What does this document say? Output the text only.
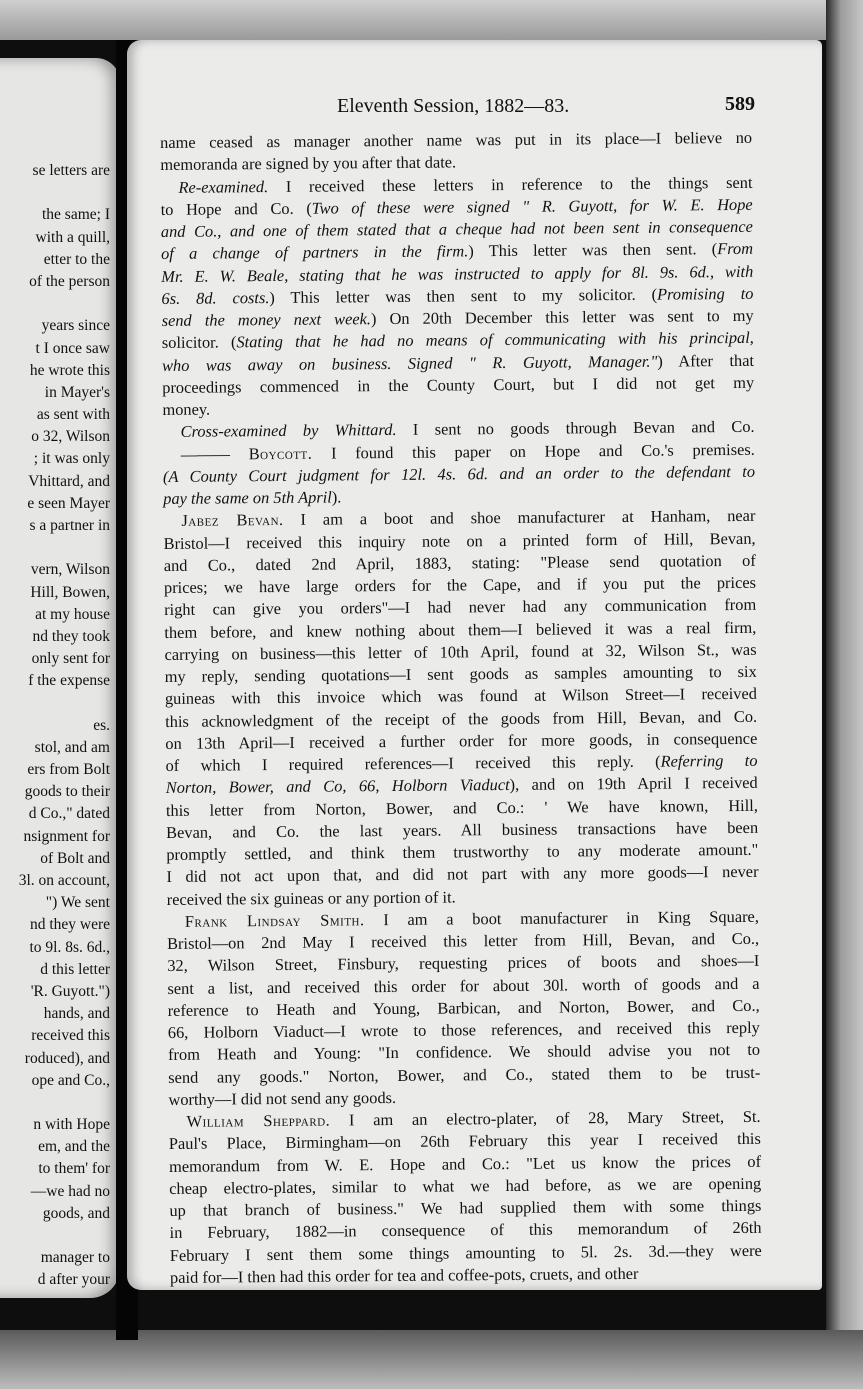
se letters are
the same; I
with a quill,
etter to the
of the person
years since
t I once saw
he wrote this
in Mayer's
as sent with
o 32, Wilson
; it was only
Vhittard, and
e seen Mayer
s a partner in
vern, Wilson
Hill, Bowen,
at my house
nd they took
only sent for
f the expense
es.
stol, and am
ers from Bolt
goods to their
d Co.," dated
nsignment for
of Bolt and
3l. on account,
") We sent
nd they were
to 9l. 8s. 6d.,
d this letter
'R. Guyott.")
hands, and
received this
roduced), and
ope and Co.,
n with Hope
em, and the
to them' for
—we had no
goods, and
manager to
d after your
Eleventh Session, 1882—83.	589
name ceased as manager another name was put in its place—I believe no
memoranda are signed by you after that date.
Re-examined. I received these letters in reference to the things sent
to Hope and Co. (Two of these were signed " R. Guyott, for W. E. Hope
and Co., and one of them stated that a cheque had not been sent in consequence
of a change of partners in the firm.) This letter was then sent. (From
Mr. E. W. Beale, stating that he was instructed to apply for 8l. 9s. 6d., with
6s. 8d. costs.) This letter was then sent to my solicitor. (Promising to
send the money next week.) On 20th December this letter was sent to my
solicitor. (Stating that he had no means of communicating with his principal,
who was away on business. Signed " R. Guyott, Manager.") After that
proceedings commenced in the County Court, but I did not get my
money.
Cross-examined by Whittard. I sent no goods through Bevan and Co.
——— Boycott. I found this paper on Hope and Co.'s premises.
(A County Court judgment for 12l. 4s. 6d. and an order to the defendant to
pay the same on 5th April).
Jabez Bevan. I am a boot and shoe manufacturer at Hanham, near
Bristol—I received this inquiry note on a printed form of Hill, Bevan,
and Co., dated 2nd April, 1883, stating: "Please send quotation of
prices; we have large orders for the Cape, and if you put the prices
right can give you orders"—I had never had any communication from
them before, and knew nothing about them—I believed it was a real firm,
carrying on business—this letter of 10th April, found at 32, Wilson St., was
my reply, sending quotations—I sent goods as samples amounting to six
guineas with this invoice which was found at Wilson Street—I received
this acknowledgment of the receipt of the goods from Hill, Bevan, and Co.
on 13th April—I received a further order for more goods, in consequence
of which I required references—I received this reply. (Referring to
Norton, Bower, and Co, 66, Holborn Viaduct), and on 19th April I received
this letter from Norton, Bower, and Co.: ' We have known, Hill,
Bevan, and Co. the last years. All business transactions have been
promptly settled, and think them trustworthy to any moderate amount."
I did not act upon that, and did not part with any more goods—I never
received the six guineas or any portion of it.
Frank Lindsay Smith. I am a boot manufacturer in King Square,
Bristol—on 2nd May I received this letter from Hill, Bevan, and Co.,
32, Wilson Street, Finsbury, requesting prices of boots and shoes—I
sent a list, and received this order for about 30l. worth of goods and a
reference to Heath and Young, Barbican, and Norton, Bower, and Co.,
66, Holborn Viaduct—I wrote to those references, and received this reply
from Heath and Young: "In confidence. We should advise you not to
send any goods." Norton, Bower, and Co., stated them to be trust-
worthy—I did not send any goods.
William Sheppard. I am an electro-plater, of 28, Mary Street, St.
Paul's Place, Birmingham—on 26th February this year I received this
memorandum from W. E. Hope and Co.: "Let us know the prices of
cheap electro-plates, similar to what we had before, as we are opening
up that branch of business." We had supplied them with some things
in February, 1882—in consequence of this memorandum of 26th
February I sent them some things amounting to 5l. 2s. 3d.—they were
paid for—I then had this order for tea and coffee-pots, cruets, and other
